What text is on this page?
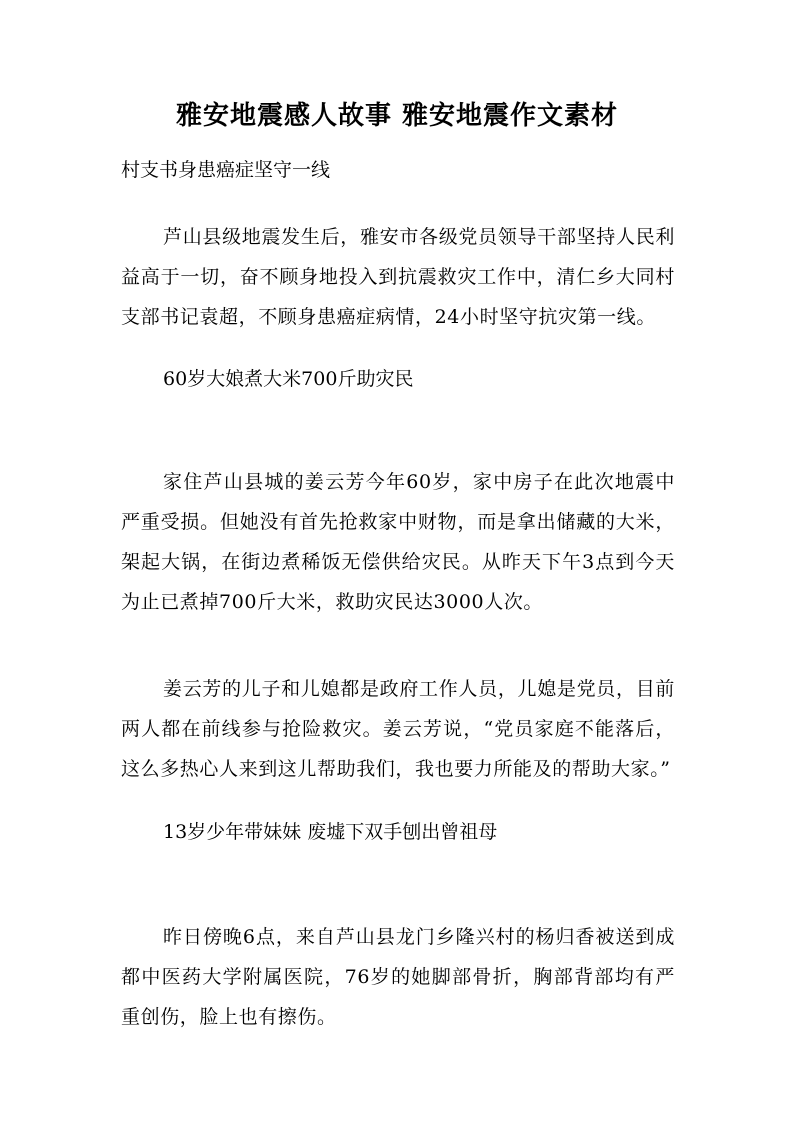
雅安地震感人故事 雅安地震作文素材
村支书身患癌症坚守一线

芦山县级地震发生后，雅安市各级党员领导干部坚持人民利益高于一切，奋不顾身地投入到抗震救灾工作中，清仁乡大同村支部书记袁超，不顾身患癌症病情，24小时坚守抗灾第一线。

60岁大娘煮大米700斤助灾民

家住芦山县城的姜云芳今年60岁，家中房子在此次地震中严重受损。但她没有首先抢救家中财物，而是拿出储藏的大米，架起大锅，在街边煮稀饭无偿供给灾民。从昨天下午3点到今天为止已煮掉700斤大米，救助灾民达3000人次。

姜云芳的儿子和儿媳都是政府工作人员，儿媳是党员，目前两人都在前线参与抢险救灾。姜云芳说，“党员家庭不能落后，这么多热心人来到这儿帮助我们，我也要力所能及的帮助大家。”

13岁少年带妹妹 废墟下双手刨出曾祖母

昨日傍晚6点，来自芦山县龙门乡隆兴村的杨归香被送到成都中医药大学附属医院，76岁的她脚部骨折，胸部背部均有严重创伤，脸上也有擦伤。
